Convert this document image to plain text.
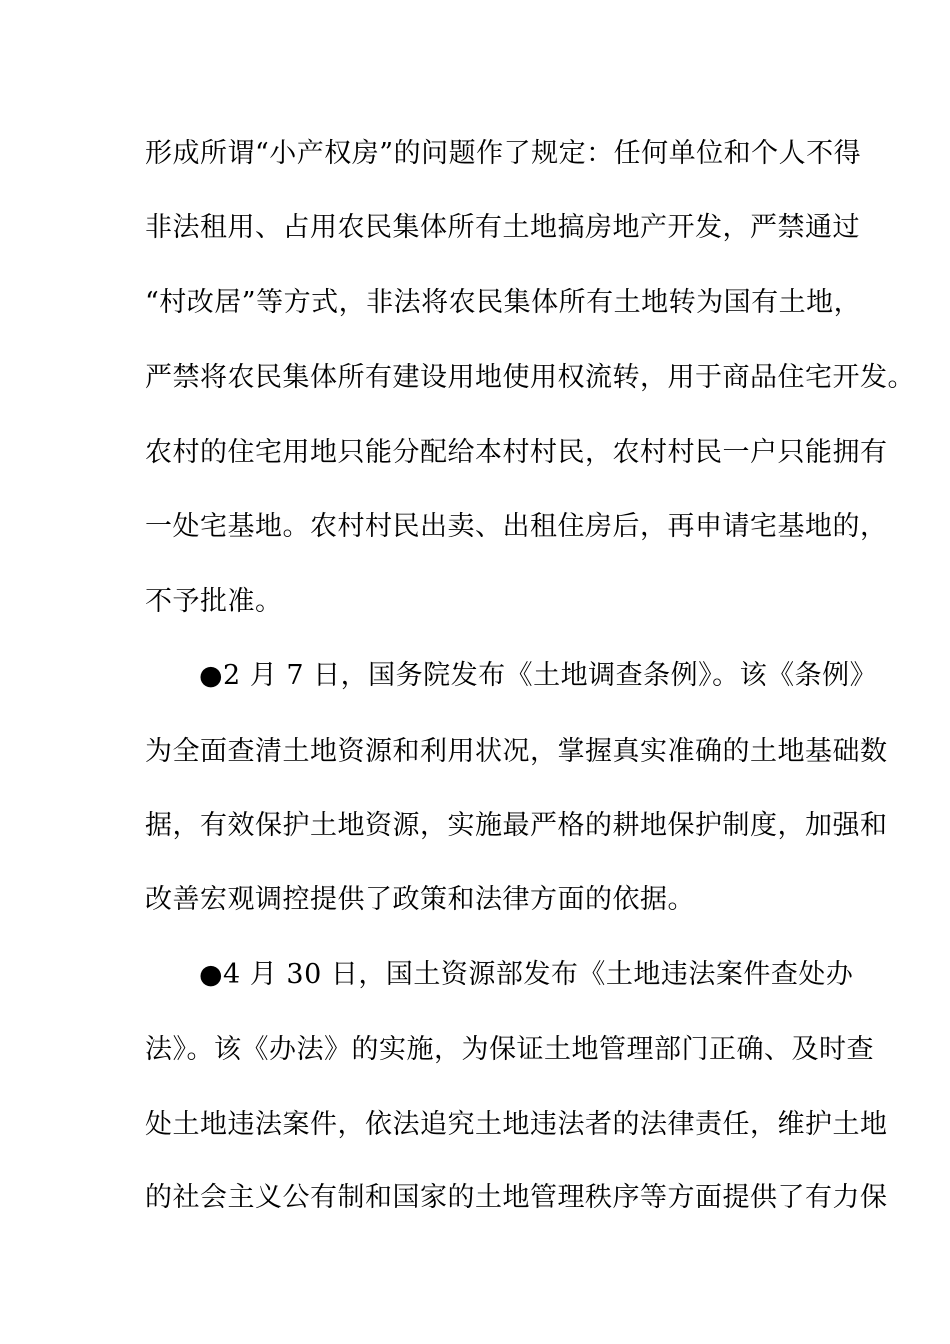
形成所谓“小产权房”的问题作了规定：任何单位和个人不得
非法租用、占用农民集体所有土地搞房地产开发，严禁通过
“村改居”等方式，非法将农民集体所有土地转为国有土地，
严禁将农民集体所有建设用地使用权流转，用于商品住宅开发。
农村的住宅用地只能分配给本村村民，农村村民一户只能拥有
一处宅基地。农村村民出卖、出租住房后，再申请宅基地的，
不予批准。
●2 月 7 日，国务院发布《土地调查条例》。该《条例》
为全面查清土地资源和利用状况，掌握真实准确的土地基础数
据，有效保护土地资源，实施最严格的耕地保护制度，加强和
改善宏观调控提供了政策和法律方面的依据。
●4 月 30 日，国土资源部发布《土地违法案件查处办
法》。该《办法》的实施，为保证土地管理部门正确、及时查
处土地违法案件，依法追究土地违法者的法律责任，维护土地
的社会主义公有制和国家的土地管理秩序等方面提供了有力保
